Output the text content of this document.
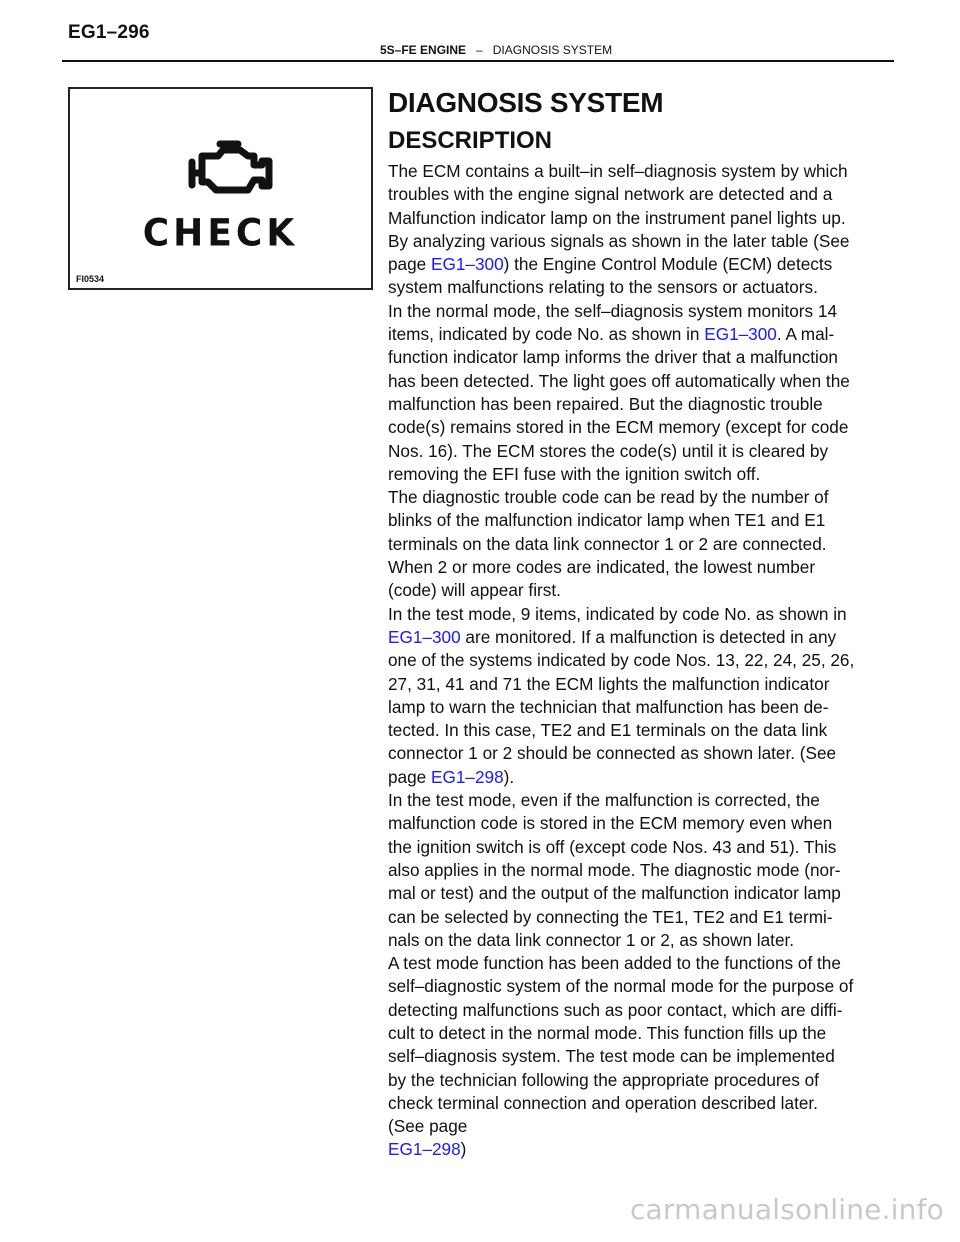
EG1–296
5S–FE ENGINE – DIAGNOSIS SYSTEM
CHECK
FI0534
DIAGNOSIS SYSTEM
DESCRIPTION
The ECM contains a built–in self–diagnosis system by which
troubles with the engine signal network are detected and a
Malfunction indicator lamp on the instrument panel lights up.
By analyzing various signals as shown in the later table (See
page EG1–300) the Engine Control Module (ECM) detects
system malfunctions relating to the sensors or actuators.
In the normal mode, the self–diagnosis system monitors 14
items, indicated by code No. as shown in EG1–300. A mal-
function indicator lamp informs the driver that a malfunction
has been detected. The light goes off automatically when the
malfunction has been repaired. But the diagnostic trouble
code(s) remains stored in the ECM memory (except for code
Nos. 16). The ECM stores the code(s) until it is cleared by
removing the EFI fuse with the ignition switch off.
The diagnostic trouble code can be read by the number of
blinks of the malfunction indicator lamp when TE1 and E1
terminals on the data link connector 1 or 2 are connected.
When 2 or more codes are indicated, the lowest number
(code) will appear first.
In the test mode, 9 items, indicated by code No. as shown in
EG1–300 are monitored. If a malfunction is detected in any
one of the systems indicated by code Nos. 13, 22, 24, 25, 26,
27, 31, 41 and 71 the ECM lights the malfunction indicator
lamp to warn the technician that malfunction has been de-
tected. In this case, TE2 and E1 terminals on the data link
connector 1 or 2 should be connected as shown later. (See
page EG1–298).
In the test mode, even if the malfunction is corrected, the
malfunction code is stored in the ECM memory even when
the ignition switch is off (except code Nos. 43 and 51). This
also applies in the normal mode. The diagnostic mode (nor-
mal or test) and the output of the malfunction indicator lamp
can be selected by connecting the TE1, TE2 and E1 termi-
nals on the data link connector 1 or 2, as shown later.
A test mode function has been added to the functions of the
self–diagnostic system of the normal mode for the purpose of
detecting malfunctions such as poor contact, which are diffi-
cult to detect in the normal mode. This function fills up the
self–diagnosis system. The test mode can be implemented
by the technician following the appropriate procedures of
check terminal connection and operation described later.
(See page
EG1–298)
carmanualsonline.info
